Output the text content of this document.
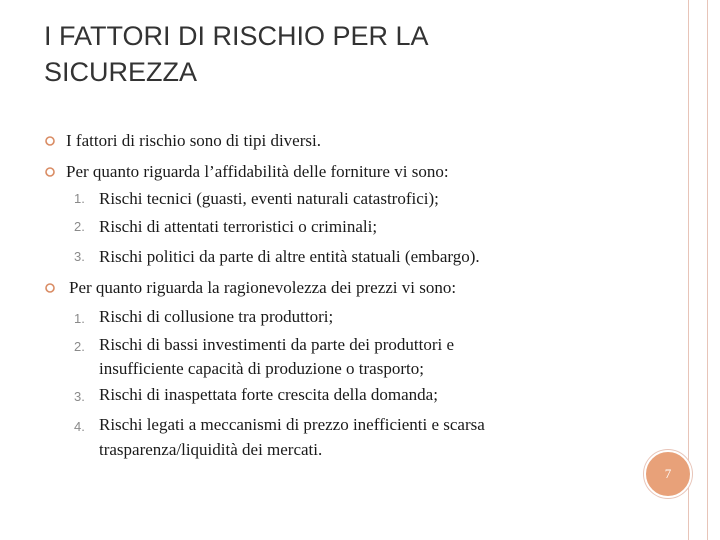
I FATTORI DI RISCHIO PER LA
SICUREZZA
I fattori di rischio sono di tipi diversi.
Per quanto riguarda l’affidabilità delle forniture vi sono:
1. Rischi tecnici (guasti, eventi naturali catastrofici);
2. Rischi di attentati terroristici o criminali;
3. Rischi politici da parte di altre entità statuali (embargo).
Per quanto riguarda la ragionevolezza dei prezzi vi sono:
1. Rischi di collusione tra produttori;
2. Rischi di bassi investimenti da parte dei produttori e
insufficiente capacità di produzione o trasporto;
3. Rischi di inaspettata forte crescita della domanda;
4. Rischi legati a meccanismi di prezzo inefficienti e scarsa
trasparenza/liquidità dei mercati.
7
